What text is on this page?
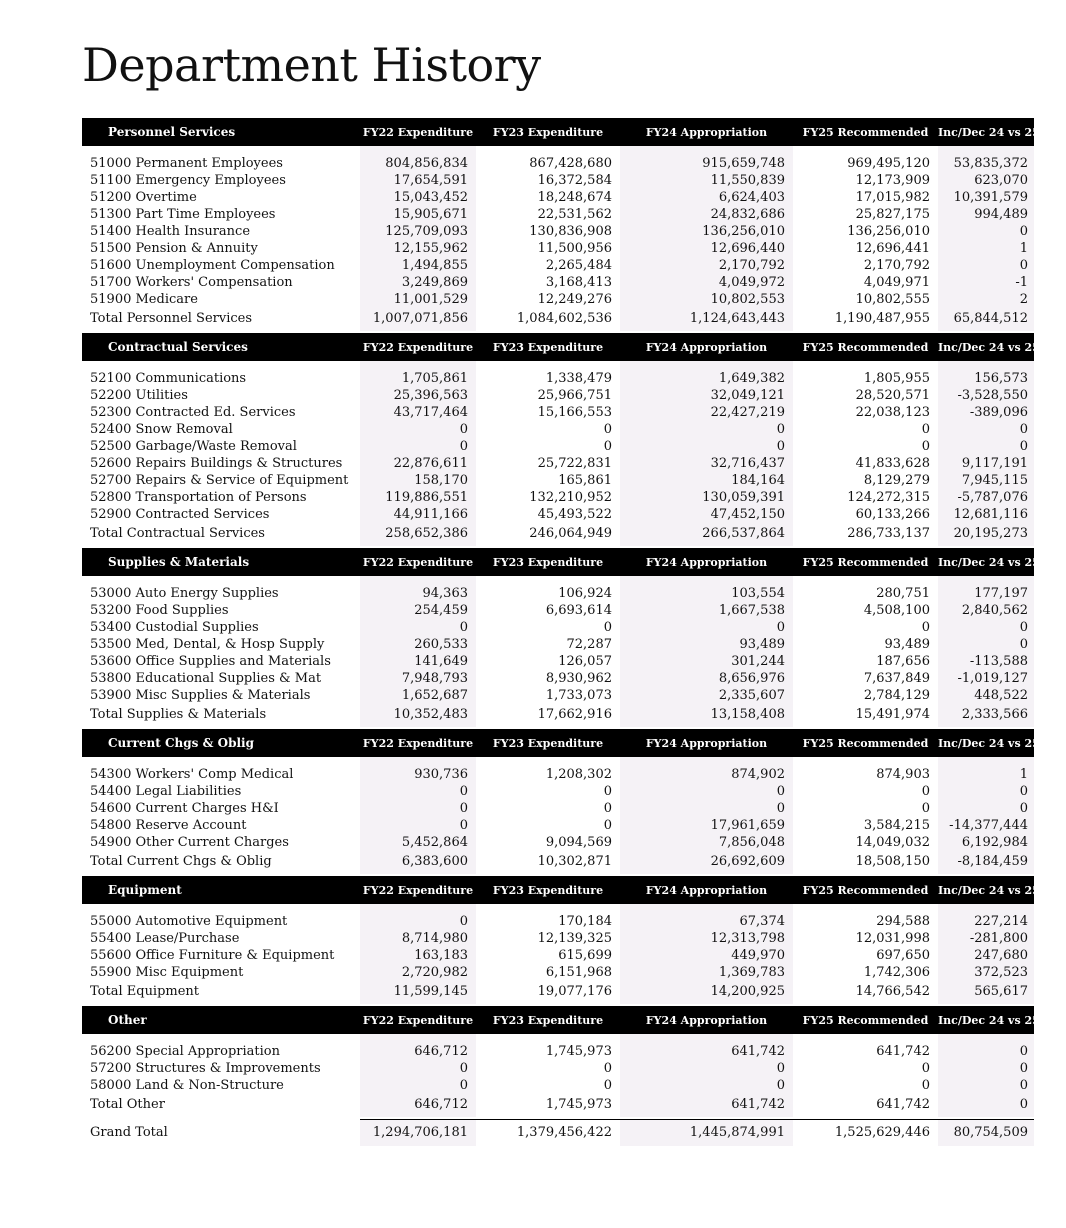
Department History
Personnel Services	FY22 Expenditure	FY23 Expenditure	FY24 Appropriation	FY25 Recommended	Inc/Dec 24 vs 25

51000 Permanent Employees	804,856,834	867,428,680	915,659,748	969,495,120	53,835,372
51100 Emergency Employees	17,654,591	16,372,584	11,550,839	12,173,909	623,070
51200 Overtime	15,043,452	18,248,674	6,624,403	17,015,982	10,391,579
51300 Part Time Employees	15,905,671	22,531,562	24,832,686	25,827,175	994,489
51400 Health Insurance	125,709,093	130,836,908	136,256,010	136,256,010	0
51500 Pension & Annuity	12,155,962	11,500,956	12,696,440	12,696,441	1
51600 Unemployment Compensation	1,494,855	2,265,484	2,170,792	2,170,792	0
51700 Workers' Compensation	3,249,869	3,168,413	4,049,972	4,049,971	-1
51900 Medicare	11,001,529	12,249,276	10,802,553	10,802,555	2
Total Personnel Services	1,007,071,856	1,084,602,536	1,124,643,443	1,190,487,955	65,844,512
Contractual Services	FY22 Expenditure	FY23 Expenditure	FY24 Appropriation	FY25 Recommended	Inc/Dec 24 vs 25

52100 Communications	1,705,861	1,338,479	1,649,382	1,805,955	156,573
52200 Utilities	25,396,563	25,966,751	32,049,121	28,520,571	-3,528,550
52300 Contracted Ed. Services	43,717,464	15,166,553	22,427,219	22,038,123	-389,096
52400 Snow Removal	0	0	0	0	0
52500 Garbage/Waste Removal	0	0	0	0	0
52600 Repairs Buildings & Structures	22,876,611	25,722,831	32,716,437	41,833,628	9,117,191
52700 Repairs & Service of Equipment	158,170	165,861	184,164	8,129,279	7,945,115
52800 Transportation of Persons	119,886,551	132,210,952	130,059,391	124,272,315	-5,787,076
52900 Contracted Services	44,911,166	45,493,522	47,452,150	60,133,266	12,681,116
Total Contractual Services	258,652,386	246,064,949	266,537,864	286,733,137	20,195,273
Supplies & Materials	FY22 Expenditure	FY23 Expenditure	FY24 Appropriation	FY25 Recommended	Inc/Dec 24 vs 25

53000 Auto Energy Supplies	94,363	106,924	103,554	280,751	177,197
53200 Food Supplies	254,459	6,693,614	1,667,538	4,508,100	2,840,562
53400 Custodial Supplies	0	0	0	0	0
53500 Med, Dental, & Hosp Supply	260,533	72,287	93,489	93,489	0
53600 Office Supplies and Materials	141,649	126,057	301,244	187,656	-113,588
53800 Educational Supplies & Mat	7,948,793	8,930,962	8,656,976	7,637,849	-1,019,127
53900 Misc Supplies & Materials	1,652,687	1,733,073	2,335,607	2,784,129	448,522
Total Supplies & Materials	10,352,483	17,662,916	13,158,408	15,491,974	2,333,566
Current Chgs & Oblig	FY22 Expenditure	FY23 Expenditure	FY24 Appropriation	FY25 Recommended	Inc/Dec 24 vs 25

54300 Workers' Comp Medical	930,736	1,208,302	874,902	874,903	1
54400 Legal Liabilities	0	0	0	0	0
54600 Current Charges H&I	0	0	0	0	0
54800 Reserve Account	0	0	17,961,659	3,584,215	-14,377,444
54900 Other Current Charges	5,452,864	9,094,569	7,856,048	14,049,032	6,192,984
Total Current Chgs & Oblig	6,383,600	10,302,871	26,692,609	18,508,150	-8,184,459
Equipment	FY22 Expenditure	FY23 Expenditure	FY24 Appropriation	FY25 Recommended	Inc/Dec 24 vs 25

55000 Automotive Equipment	0	170,184	67,374	294,588	227,214
55400 Lease/Purchase	8,714,980	12,139,325	12,313,798	12,031,998	-281,800
55600 Office Furniture & Equipment	163,183	615,699	449,970	697,650	247,680
55900 Misc Equipment	2,720,982	6,151,968	1,369,783	1,742,306	372,523
Total Equipment	11,599,145	19,077,176	14,200,925	14,766,542	565,617
Other	FY22 Expenditure	FY23 Expenditure	FY24 Appropriation	FY25 Recommended	Inc/Dec 24 vs 25

56200 Special Appropriation	646,712	1,745,973	641,742	641,742	0
57200 Structures & Improvements	0	0	0	0	0
58000 Land & Non-Structure	0	0	0	0	0
Total Other	646,712	1,745,973	641,742	641,742	0
Grand Total	1,294,706,181	1,379,456,422	1,445,874,991	1,525,629,446	80,754,509
